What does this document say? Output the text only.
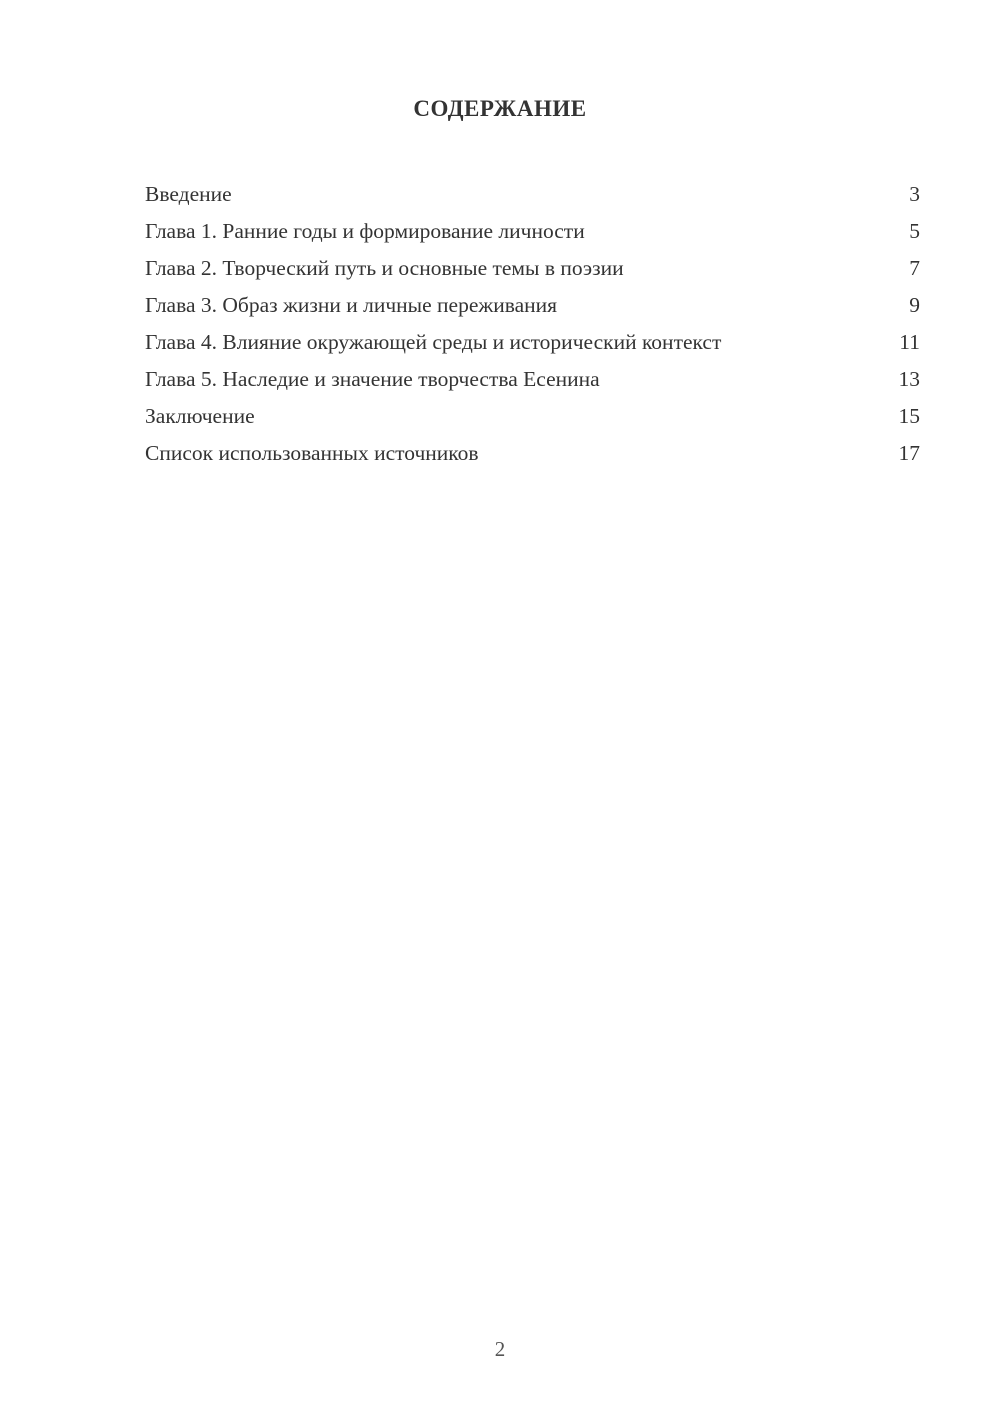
СОДЕРЖАНИЕ
Введение	3
Глава 1. Ранние годы и формирование личности	5
Глава 2. Творческий путь и основные темы в поэзии	7
Глава 3. Образ жизни и личные переживания	9
Глава 4. Влияние окружающей среды и исторический контекст	11
Глава 5. Наследие и значение творчества Есенина	13
Заключение	15
Список использованных источников	17
2
